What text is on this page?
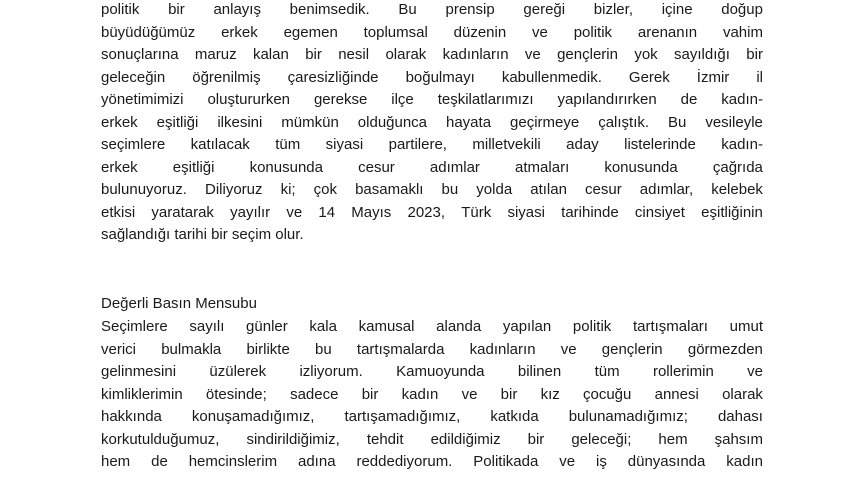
politik bir anlayış benimsedik. Bu prensip gereği bizler, içine doğup
büyüdüğümüz erkek egemen toplumsal düzenin ve politik arenanın vahim
sonuçlarına maruz kalan bir nesil olarak kadınların ve gençlerin yok sayıldığı bir
geleceğin öğrenilmiş çaresizliğinde boğulmayı kabullenmedik. Gerek İzmir il
yönetimimizi oluştururken gerekse ilçe teşkilatlarımızı yapılandırırken de kadın-
erkek eşitliği ilkesini mümkün olduğunca hayata geçirmeye çalıştık. Bu vesileyle
seçimlere katılacak tüm siyasi partilere, milletvekili aday listelerinde kadın-
erkek eşitliği konusunda cesur adımlar atmaları konusunda çağrıda
bulunuyoruz. Diliyoruz ki; çok basamaklı bu yolda atılan cesur adımlar, kelebek
etkisi yaratarak yayılır ve 14 Mayıs 2023, Türk siyasi tarihinde cinsiyet eşitliğinin
sağlandığı tarihi bir seçim olur.
Değerli Basın Mensubu
Seçimlere sayılı günler kala kamusal alanda yapılan politik tartışmaları umut
verici bulmakla birlikte bu tartışmalarda kadınların ve gençlerin görmezden
gelinmesini üzülerek izliyorum. Kamuoyunda bilinen tüm rollerimin ve
kimliklerimin ötesinde; sadece bir kadın ve bir kız çocuğu annesi olarak
hakkında konuşamadığımız, tartışamadığımız, katkıda bulunamadığımız; dahası
korkutulduğumuz, sindirildiğimiz, tehdit edildiğimiz bir geleceği; hem şahsım
hem de hemcinslerim adına reddediyorum. Politikada ve iş dünyasında kadın
